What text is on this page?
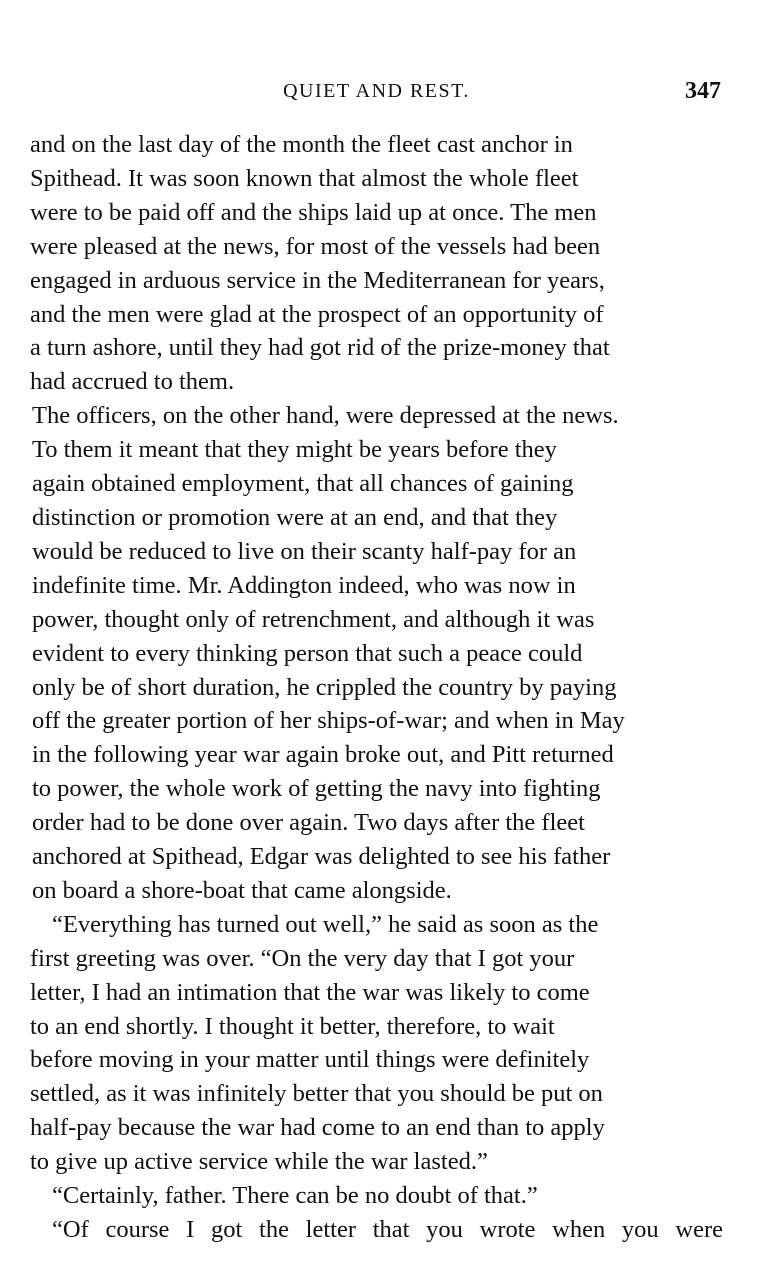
QUIET AND REST.	347
and on the last day of the month the fleet cast anchor in
Spithead. It was soon known that almost the whole fleet
were to be paid off and the ships laid up at once. The men
were pleased at the news, for most of the vessels had been
engaged in arduous service in the Mediterranean for years,
and the men were glad at the prospect of an opportunity of
a turn ashore, until they had got rid of the prize-money that
had accrued to them.
The officers, on the other hand, were depressed at the news.
To them it meant that they might be years before they
again obtained employment, that all chances of gaining
distinction or promotion were at an end, and that they
would be reduced to live on their scanty half-pay for an
indefinite time. Mr. Addington indeed, who was now in
power, thought only of retrenchment, and although it was
evident to every thinking person that such a peace could
only be of short duration, he crippled the country by paying
off the greater portion of her ships-of-war; and when in May
in the following year war again broke out, and Pitt returned
to power, the whole work of getting the navy into fighting
order had to be done over again. Two days after the fleet
anchored at Spithead, Edgar was delighted to see his father
on board a shore-boat that came alongside.
“Everything has turned out well,” he said as soon as the
first greeting was over. “On the very day that I got your
letter, I had an intimation that the war was likely to come
to an end shortly. I thought it better, therefore, to wait
before moving in your matter until things were definitely
settled, as it was infinitely better that you should be put on
half-pay because the war had come to an end than to apply
to give up active service while the war lasted.”
“Certainly, father. There can be no doubt of that.”
“Of course I got the letter that you wrote when you were
